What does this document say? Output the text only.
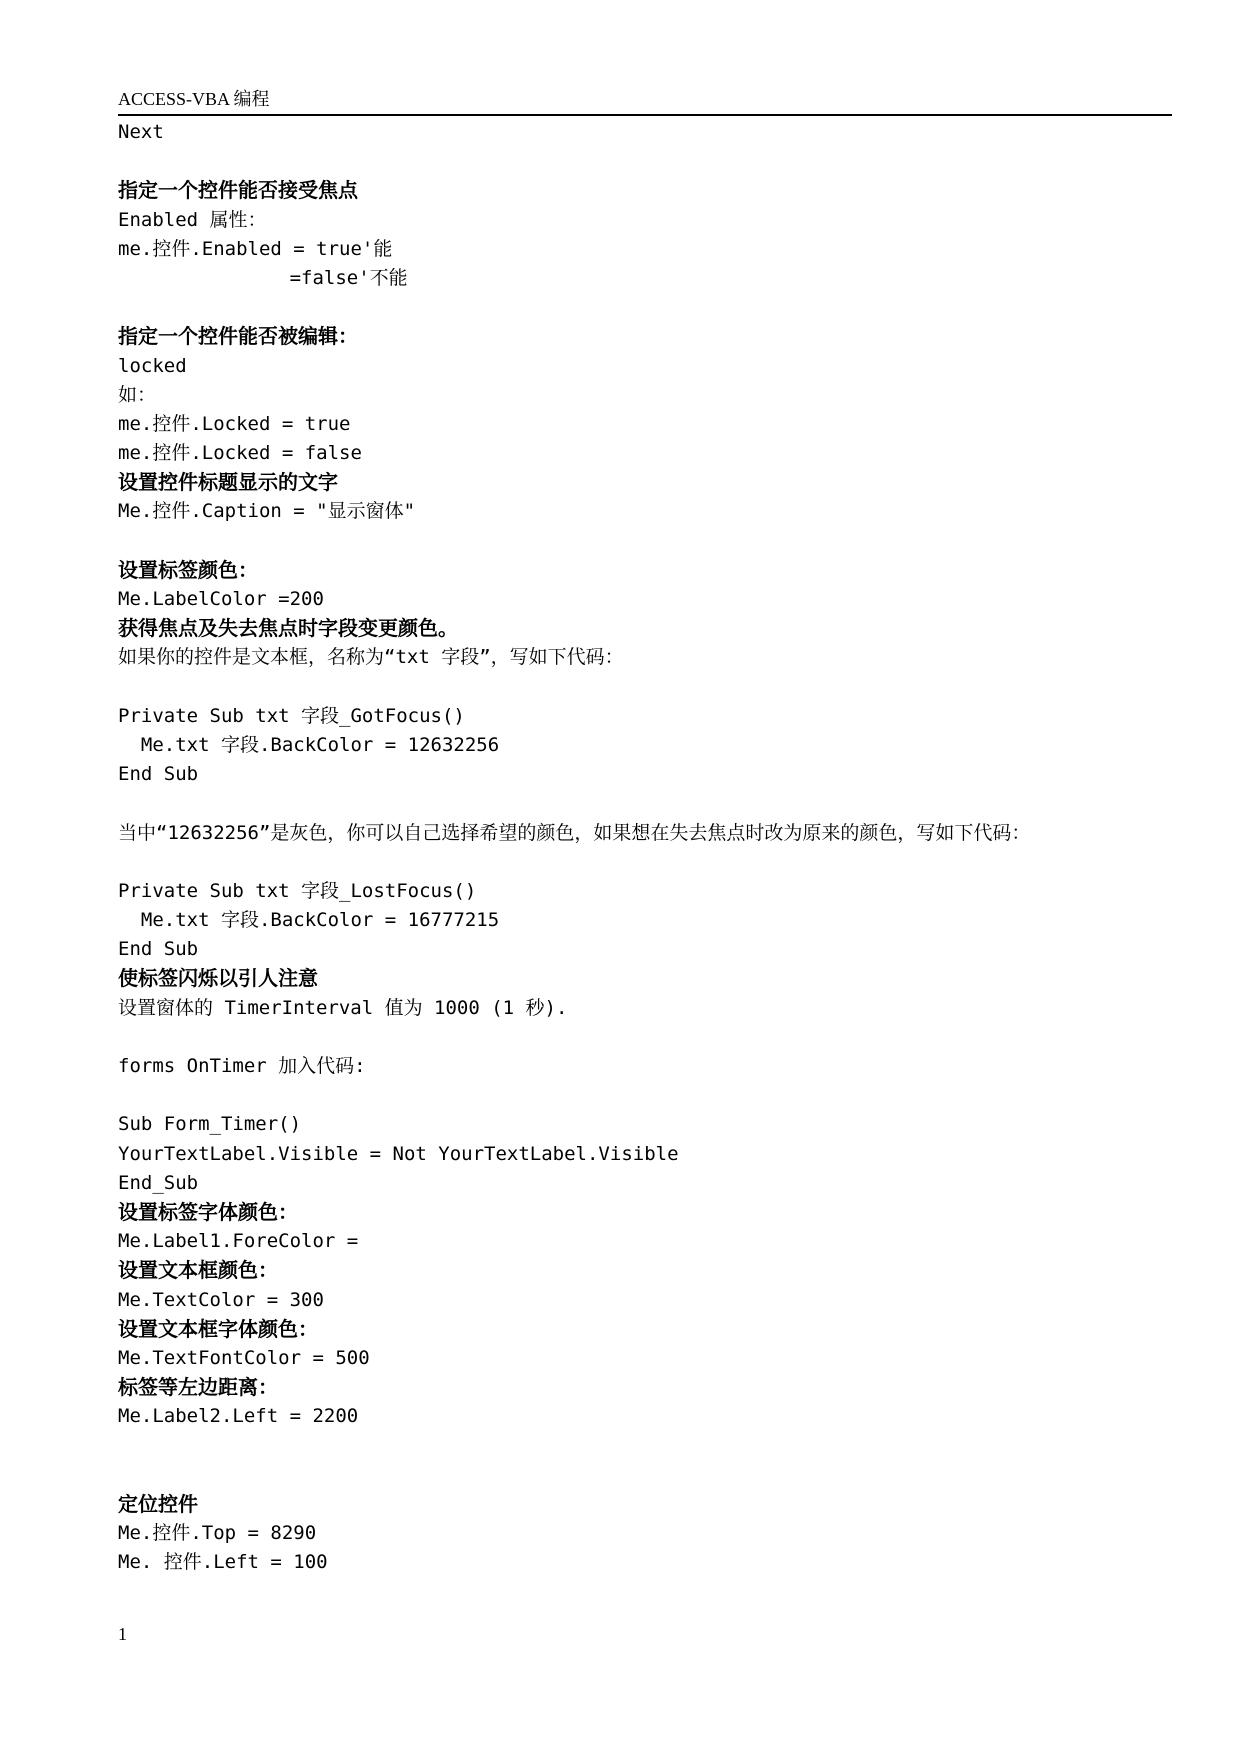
ACCESS-VBA 编程
Next
指定一个控件能否接受焦点
Enabled 属性：
me.控件.Enabled = true'能
=false'不能
指定一个控件能否被编辑：
locked
如：
me.控件.Locked = true
me.控件.Locked = false
设置控件标题显示的文字
Me.控件.Caption = "显示窗体"
设置标签颜色：
Me.LabelColor =200
获得焦点及失去焦点时字段变更颜色。
如果你的控件是文本框，名称为“txt 字段”，写如下代码：
Private Sub txt 字段_GotFocus()
Me.txt 字段.BackColor = 12632256
End Sub
当中“12632256”是灰色，你可以自己选择希望的颜色，如果想在失去焦点时改为原来的颜色，写如下代码：
Private Sub txt 字段_LostFocus()
Me.txt 字段.BackColor = 16777215
End Sub
使标签闪烁以引人注意
设置窗体的 TimerInterval 值为 1000 (1 秒).
forms OnTimer 加入代码:
Sub Form_Timer()
YourTextLabel.Visible = Not YourTextLabel.Visible
End_Sub
设置标签字体颜色：
Me.Label1.ForeColor =
设置文本框颜色：
Me.TextColor = 300
设置文本框字体颜色：
Me.TextFontColor = 500
标签等左边距离：
Me.Label2.Left = 2200
定位控件
Me.控件.Top = 8290
Me. 控件.Left = 100
1
